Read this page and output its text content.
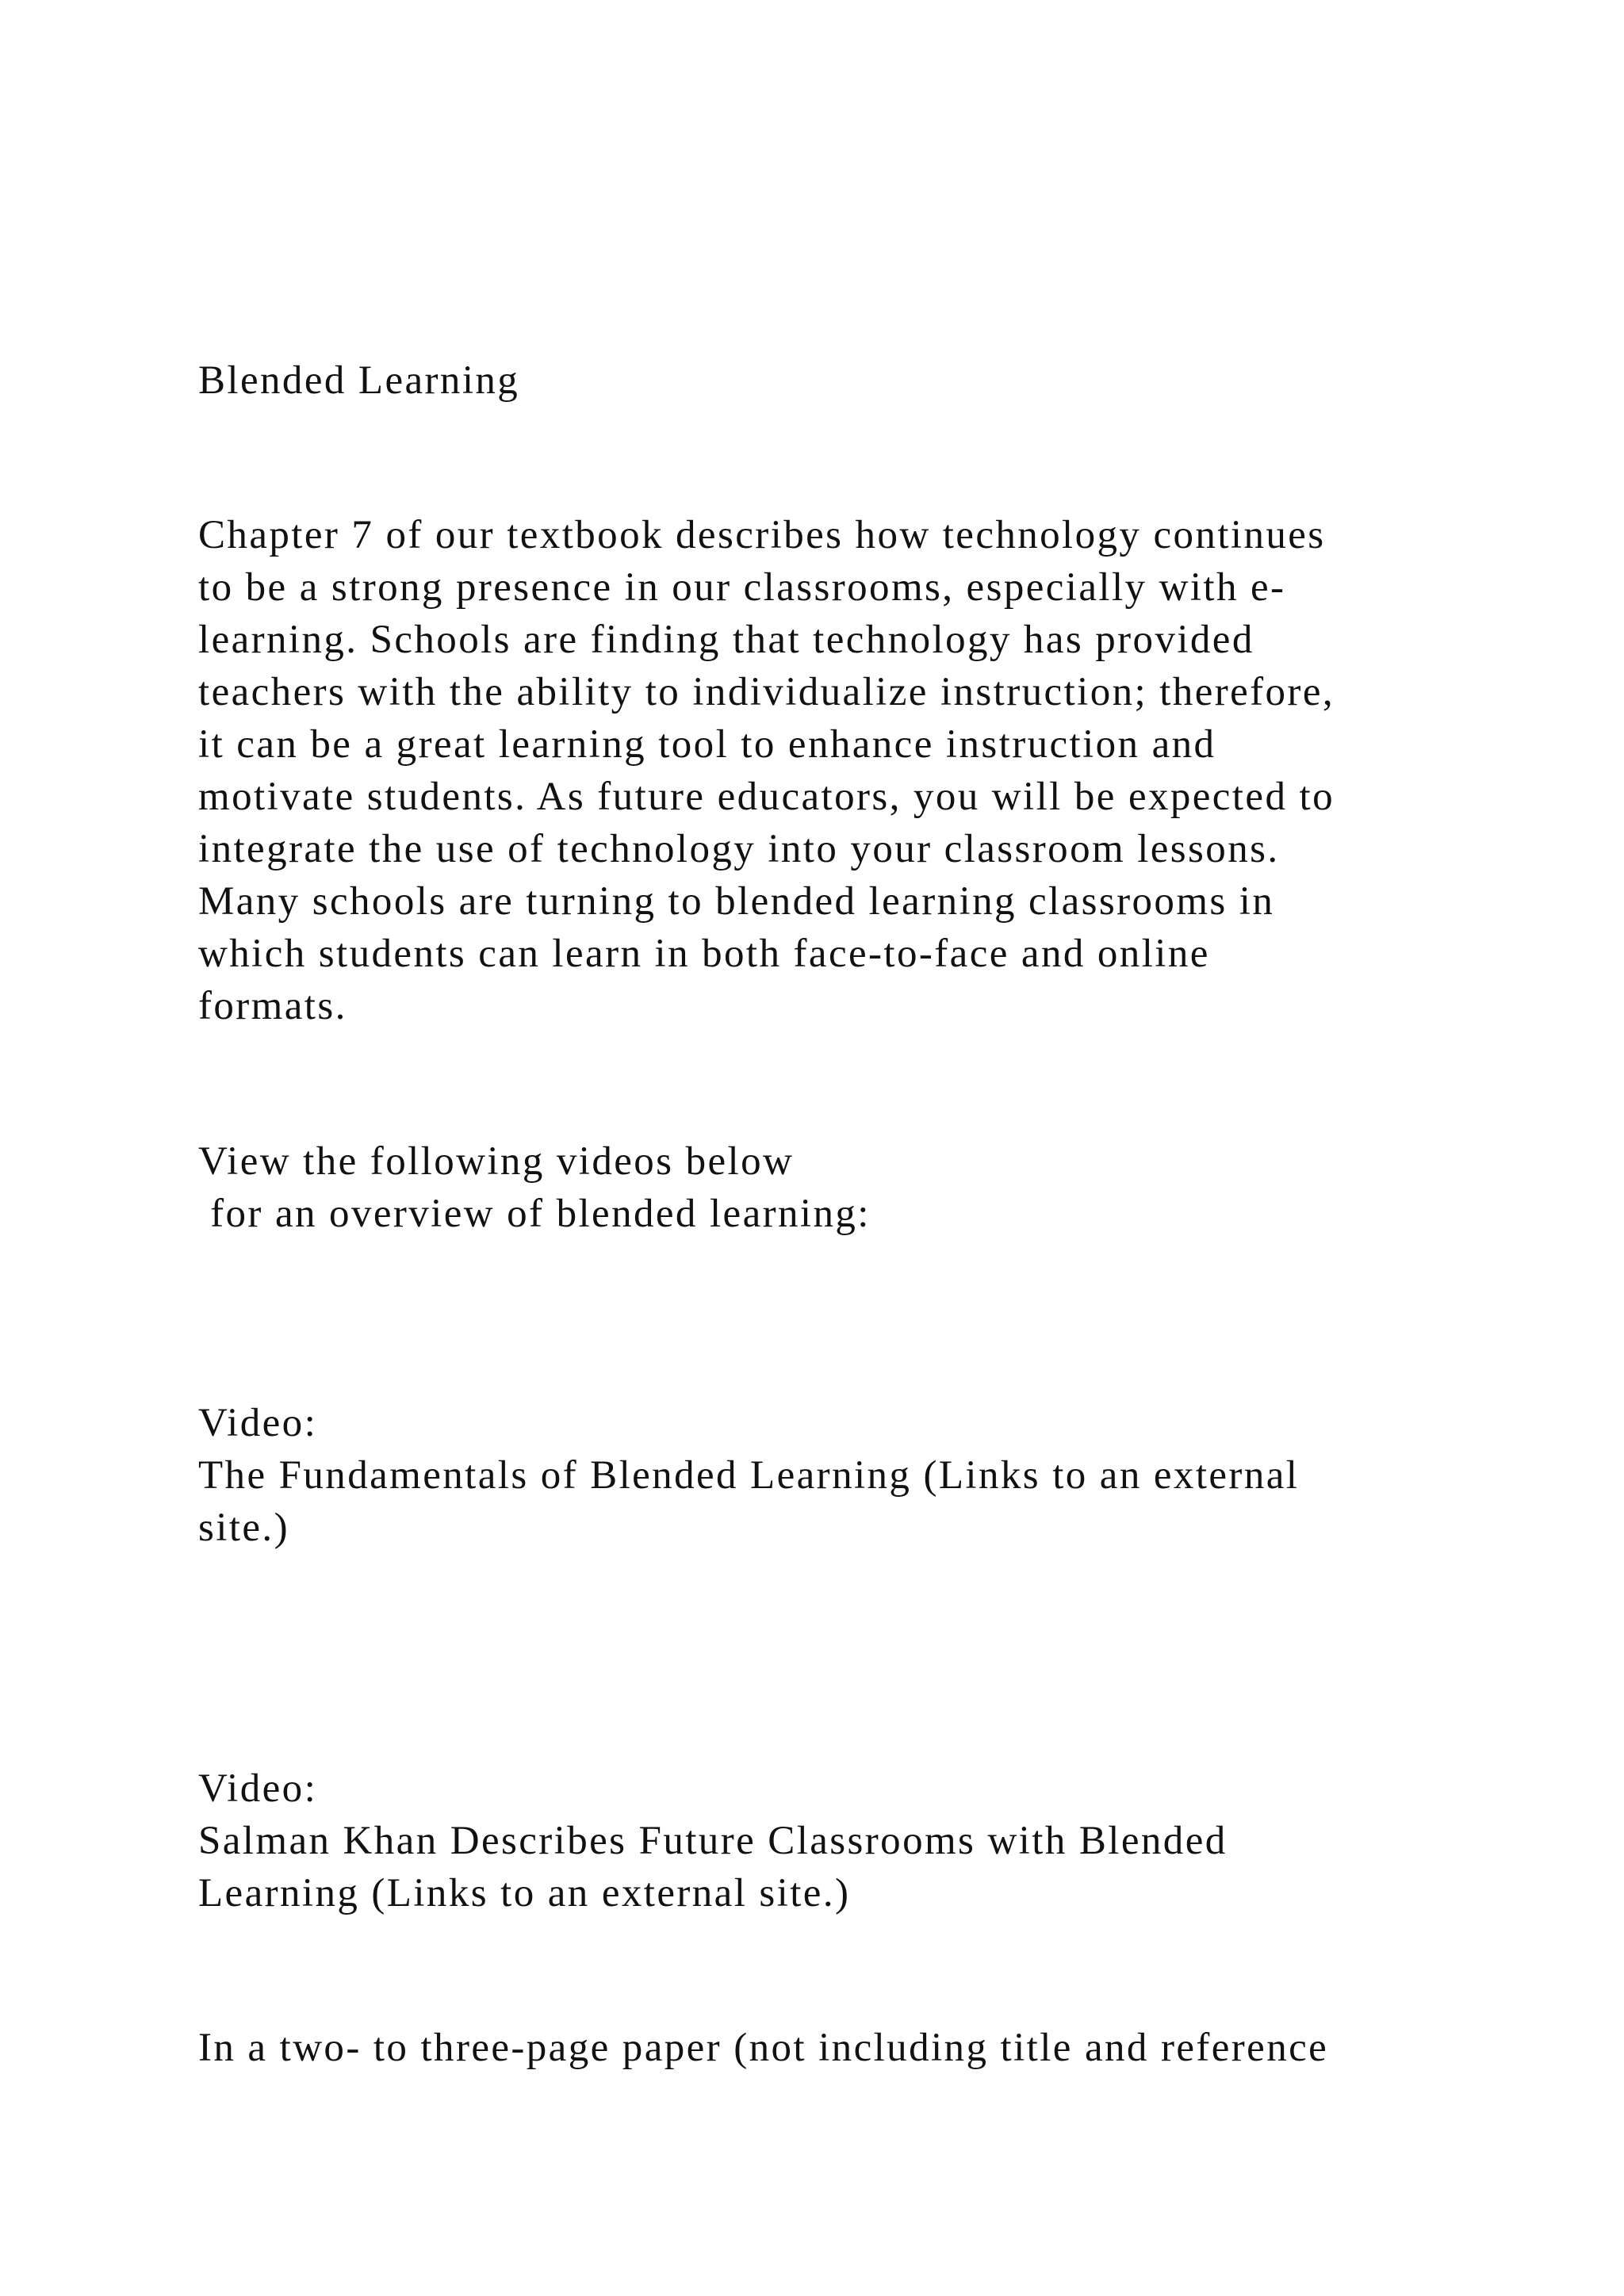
Blended Learning

Chapter 7 of our textbook describes how technology continues

to be a strong presence in our classrooms, especially with e-

learning. Schools are finding that technology has provided

teachers with the ability to individualize instruction; therefore,

it can be a great learning tool to enhance instruction and

motivate students. As future educators, you will be expected to

integrate the use of technology into your classroom lessons.

Many schools are turning to blended learning classrooms in

which students can learn in both face-to-face and online

formats.

View the following videos below

for an overview of blended learning:

Video:

The Fundamentals of Blended Learning (Links to an external

site.)

Video:

Salman Khan Describes Future Classrooms with Blended

Learning (Links to an external site.)

In a two- to three-page paper (not including title and reference
